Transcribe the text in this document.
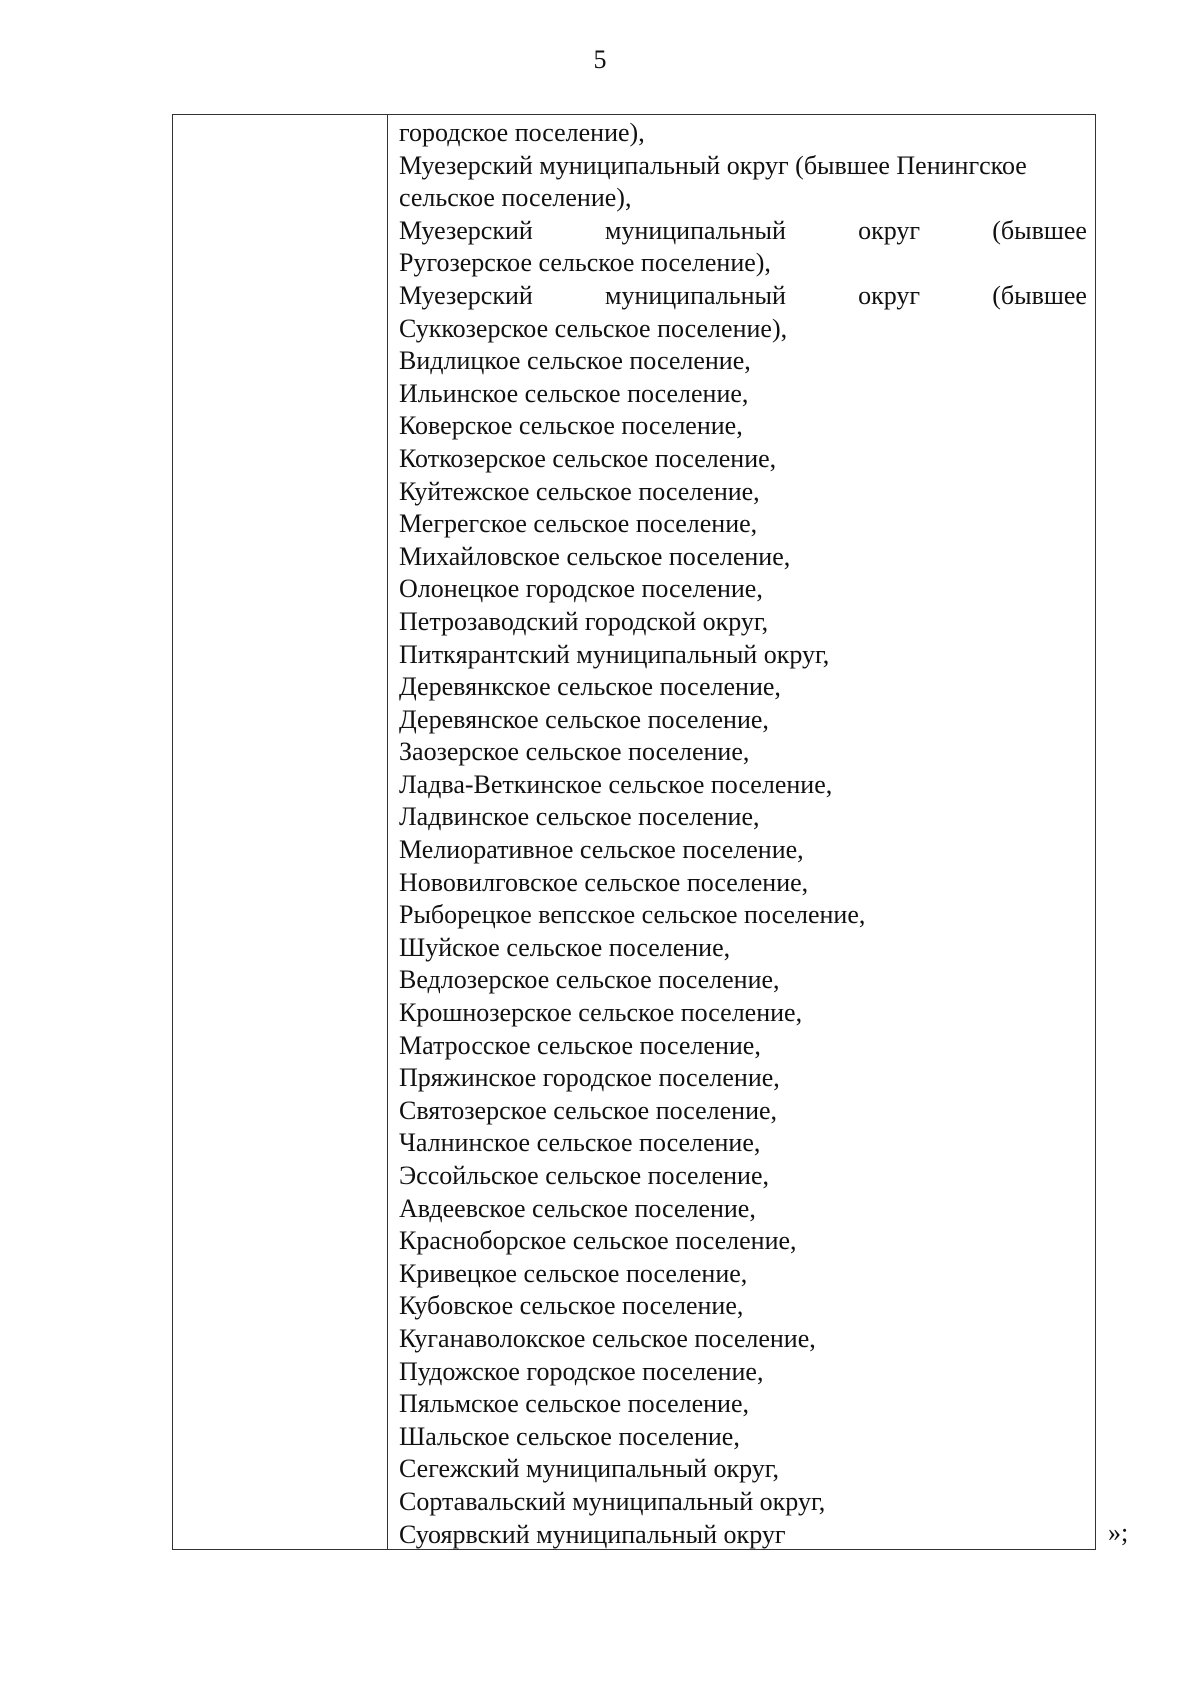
5
городское поселение),
Муезерский муниципальный округ (бывшее Пенингское
сельское поселение),
Муезерский	муниципальный	округ	(бывшее
Ругозерское сельское поселение),
Муезерский	муниципальный	округ	(бывшее
Суккозерское сельское поселение),
Видлицкое сельское поселение,
Ильинское сельское поселение,
Коверское сельское поселение,
Коткозерское сельское поселение,
Куйтежское сельское поселение,
Мегрегское сельское поселение,
Михайловское сельское поселение,
Олонецкое городское поселение,
Петрозаводский городской округ,
Питкярантский муниципальный округ,
Деревянкское сельское поселение,
Деревянское сельское поселение,
Заозерское сельское поселение,
Ладва-Веткинское сельское поселение,
Ладвинское сельское поселение,
Мелиоративное сельское поселение,
Нововилговское сельское поселение,
Рыборецкое вепсское сельское поселение,
Шуйское сельское поселение,
Ведлозерское сельское поселение,
Крошнозерское сельское поселение,
Матросское сельское поселение,
Пряжинское городское поселение,
Святозерское сельское поселение,
Чалнинское сельское поселение,
Эссойльское сельское поселение,
Авдеевское сельское поселение,
Красноборское сельское поселение,
Кривецкое сельское поселение,
Кубовское сельское поселение,
Куганаволокское сельское поселение,
Пудожское городское поселение,
Пяльмское сельское поселение,
Шальское сельское поселение,
Сегежский муниципальный округ,
Сортавальский муниципальный округ,
Суоярвский муниципальный округ	»;
